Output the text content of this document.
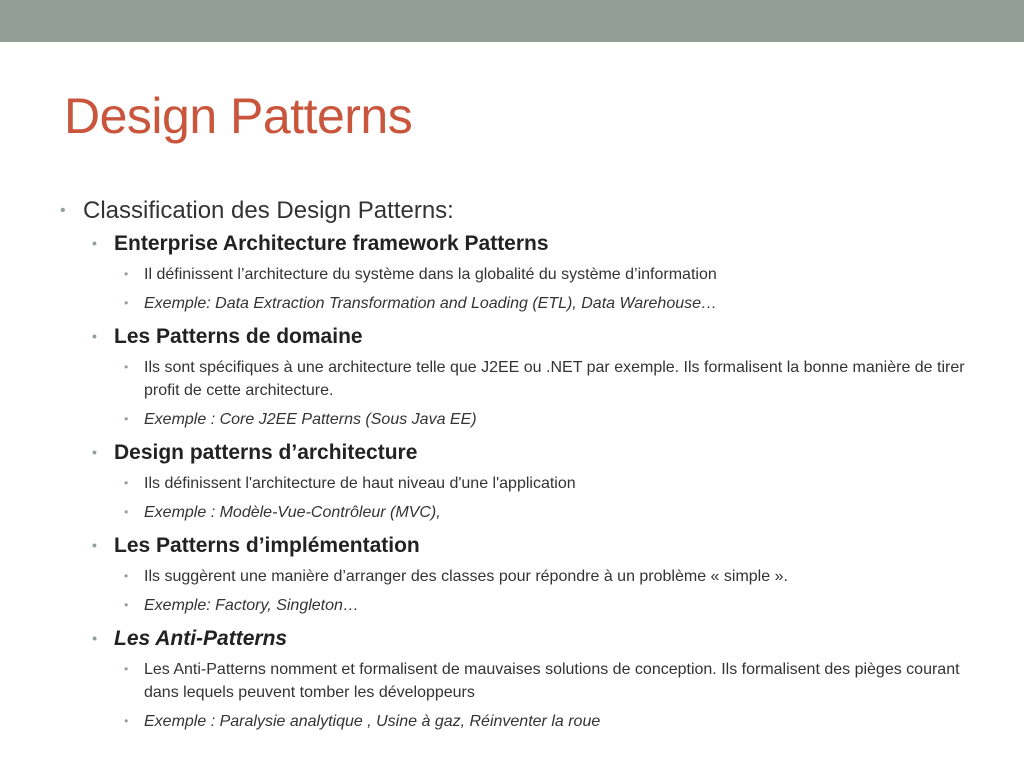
Design Patterns
• Classification des Design Patterns:
• Enterprise Architecture framework Patterns
• Il définissent l’architecture du système dans la globalité du système d’information
• Exemple: Data Extraction Transformation and Loading (ETL), Data Warehouse…
• Les Patterns de domaine
• Ils sont spécifiques à une architecture telle que J2EE ou .NET par exemple. Ils formalisent la bonne manière de tirer profit de cette architecture.
• Exemple : Core J2EE Patterns (Sous Java EE)
• Design patterns d’architecture
• Ils définissent l'architecture de haut niveau d'une l'application
• Exemple : Modèle-Vue-Contrôleur (MVC),
• Les Patterns d’implémentation
• Ils suggèrent une manière d’arranger des classes pour répondre à un problème « simple ».
• Exemple: Factory, Singleton…
• Les Anti-Patterns
• Les Anti-Patterns nomment et formalisent de mauvaises solutions de conception. Ils formalisent des pièges courant dans lequels peuvent tomber les développeurs
• Exemple : Paralysie analytique , Usine à gaz, Réinventer la roue
